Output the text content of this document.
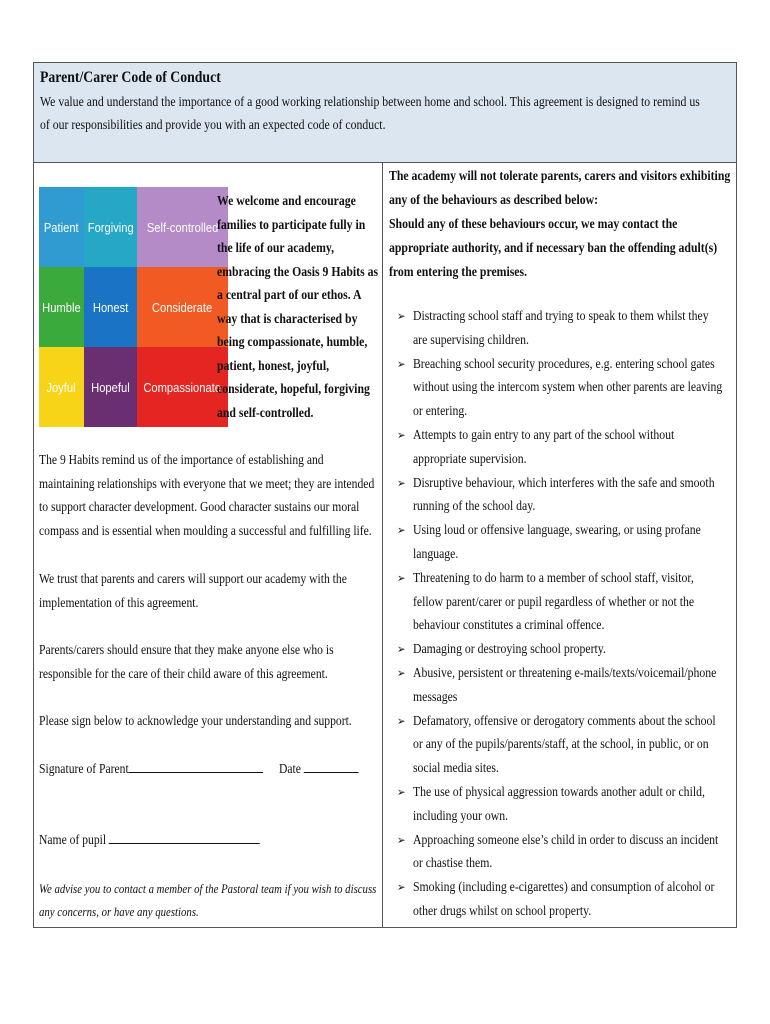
Parent/Carer Code of Conduct
We value and understand the importance of a good working relationship between home and school. This agreement is designed to remind us of our responsibilities and provide you with an expected code of conduct.
Patient Forgiving Self-controlled
Humble Honest Considerate
Joyful Hopeful Compassionate
We welcome and encourage families to participate fully in the life of our academy, embracing the Oasis 9 Habits as a central part of our ethos. A way that is characterised by being compassionate, humble, patient, honest, joyful, considerate, hopeful, forgiving and self-controlled.
The 9 Habits remind us of the importance of establishing and maintaining relationships with everyone that we meet; they are intended to support character development. Good character sustains our moral compass and is essential when moulding a successful and fulfilling life.
We trust that parents and carers will support our academy with the implementation of this agreement.
Parents/carers should ensure that they make anyone else who is responsible for the care of their child aware of this agreement.
Please sign below to acknowledge your understanding and support.
Signature of Parent	Date
Name of pupil
We advise you to contact a member of the Pastoral team if you wish to discuss any concerns, or have any questions.
The academy will not tolerate parents, carers and visitors exhibiting any of the behaviours as described below:
Should any of these behaviours occur, we may contact the appropriate authority, and if necessary ban the offending adult(s) from entering the premises.
➢ Distracting school staff and trying to speak to them whilst they are supervising children.
➢ Breaching school security procedures, e.g. entering school gates without using the intercom system when other parents are leaving or entering.
➢ Attempts to gain entry to any part of the school without appropriate supervision.
➢ Disruptive behaviour, which interferes with the safe and smooth running of the school day.
➢ Using loud or offensive language, swearing, or using profane language.
➢ Threatening to do harm to a member of school staff, visitor, fellow parent/carer or pupil regardless of whether or not the behaviour constitutes a criminal offence.
➢ Damaging or destroying school property.
➢ Abusive, persistent or threatening e-mails/texts/voicemail/phone messages
➢ Defamatory, offensive or derogatory comments about the school or any of the pupils/parents/staff, at the school, in public, or on social media sites.
➢ The use of physical aggression towards another adult or child, including your own.
➢ Approaching someone else’s child in order to discuss an incident or chastise them.
➢ Smoking (including e-cigarettes) and consumption of alcohol or other drugs whilst on school property.
